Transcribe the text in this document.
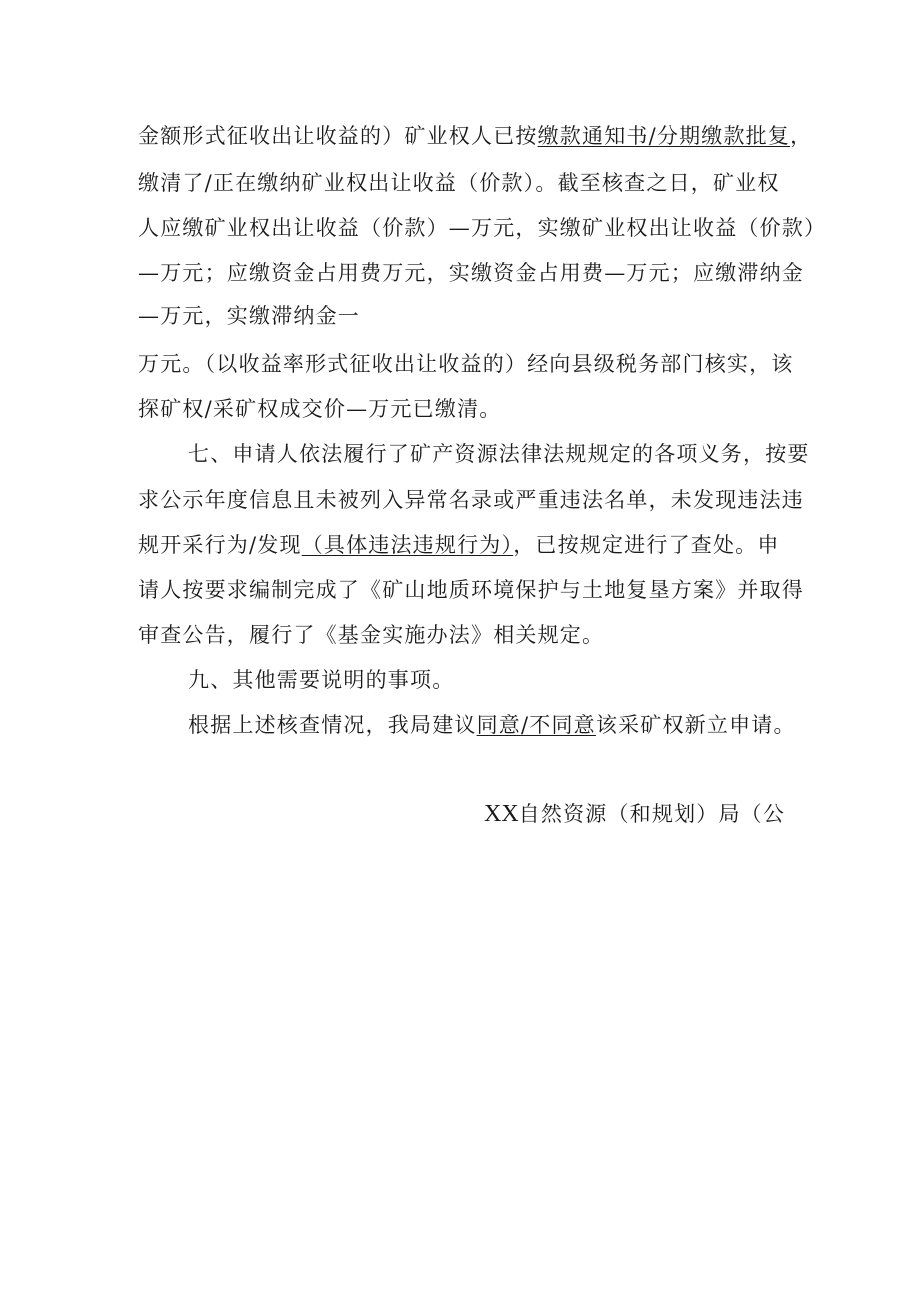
金额形式征收出让收益的）矿业权人已按缴款通知书/分期缴款批复，
缴清了/正在缴纳矿业权出让收益（价款）。截至核查之日，矿业权
人应缴矿业权出让收益（价款）—万元，实缴矿业权出让收益（价款）
—万元；应缴资金占用费万元，实缴资金占用费—万元；应缴滞纳金
—万元，实缴滞纳金一
万元。（以收益率形式征收出让收益的）经向县级税务部门核实，该
探矿权/采矿权成交价—万元已缴清。
七、申请人依法履行了矿产资源法律法规规定的各项义务，按要
求公示年度信息且未被列入异常名录或严重违法名单，未发现违法违
规开采行为/发现（具体违法违规行为），已按规定进行了查处。申
请人按要求编制完成了《矿山地质环境保护与土地复垦方案》并取得
审查公告，履行了《基金实施办法》相关规定。
九、其他需要说明的事项。
根据上述核查情况，我局建议同意/不同意该采矿权新立申请。
XX自然资源（和规划）局（公
